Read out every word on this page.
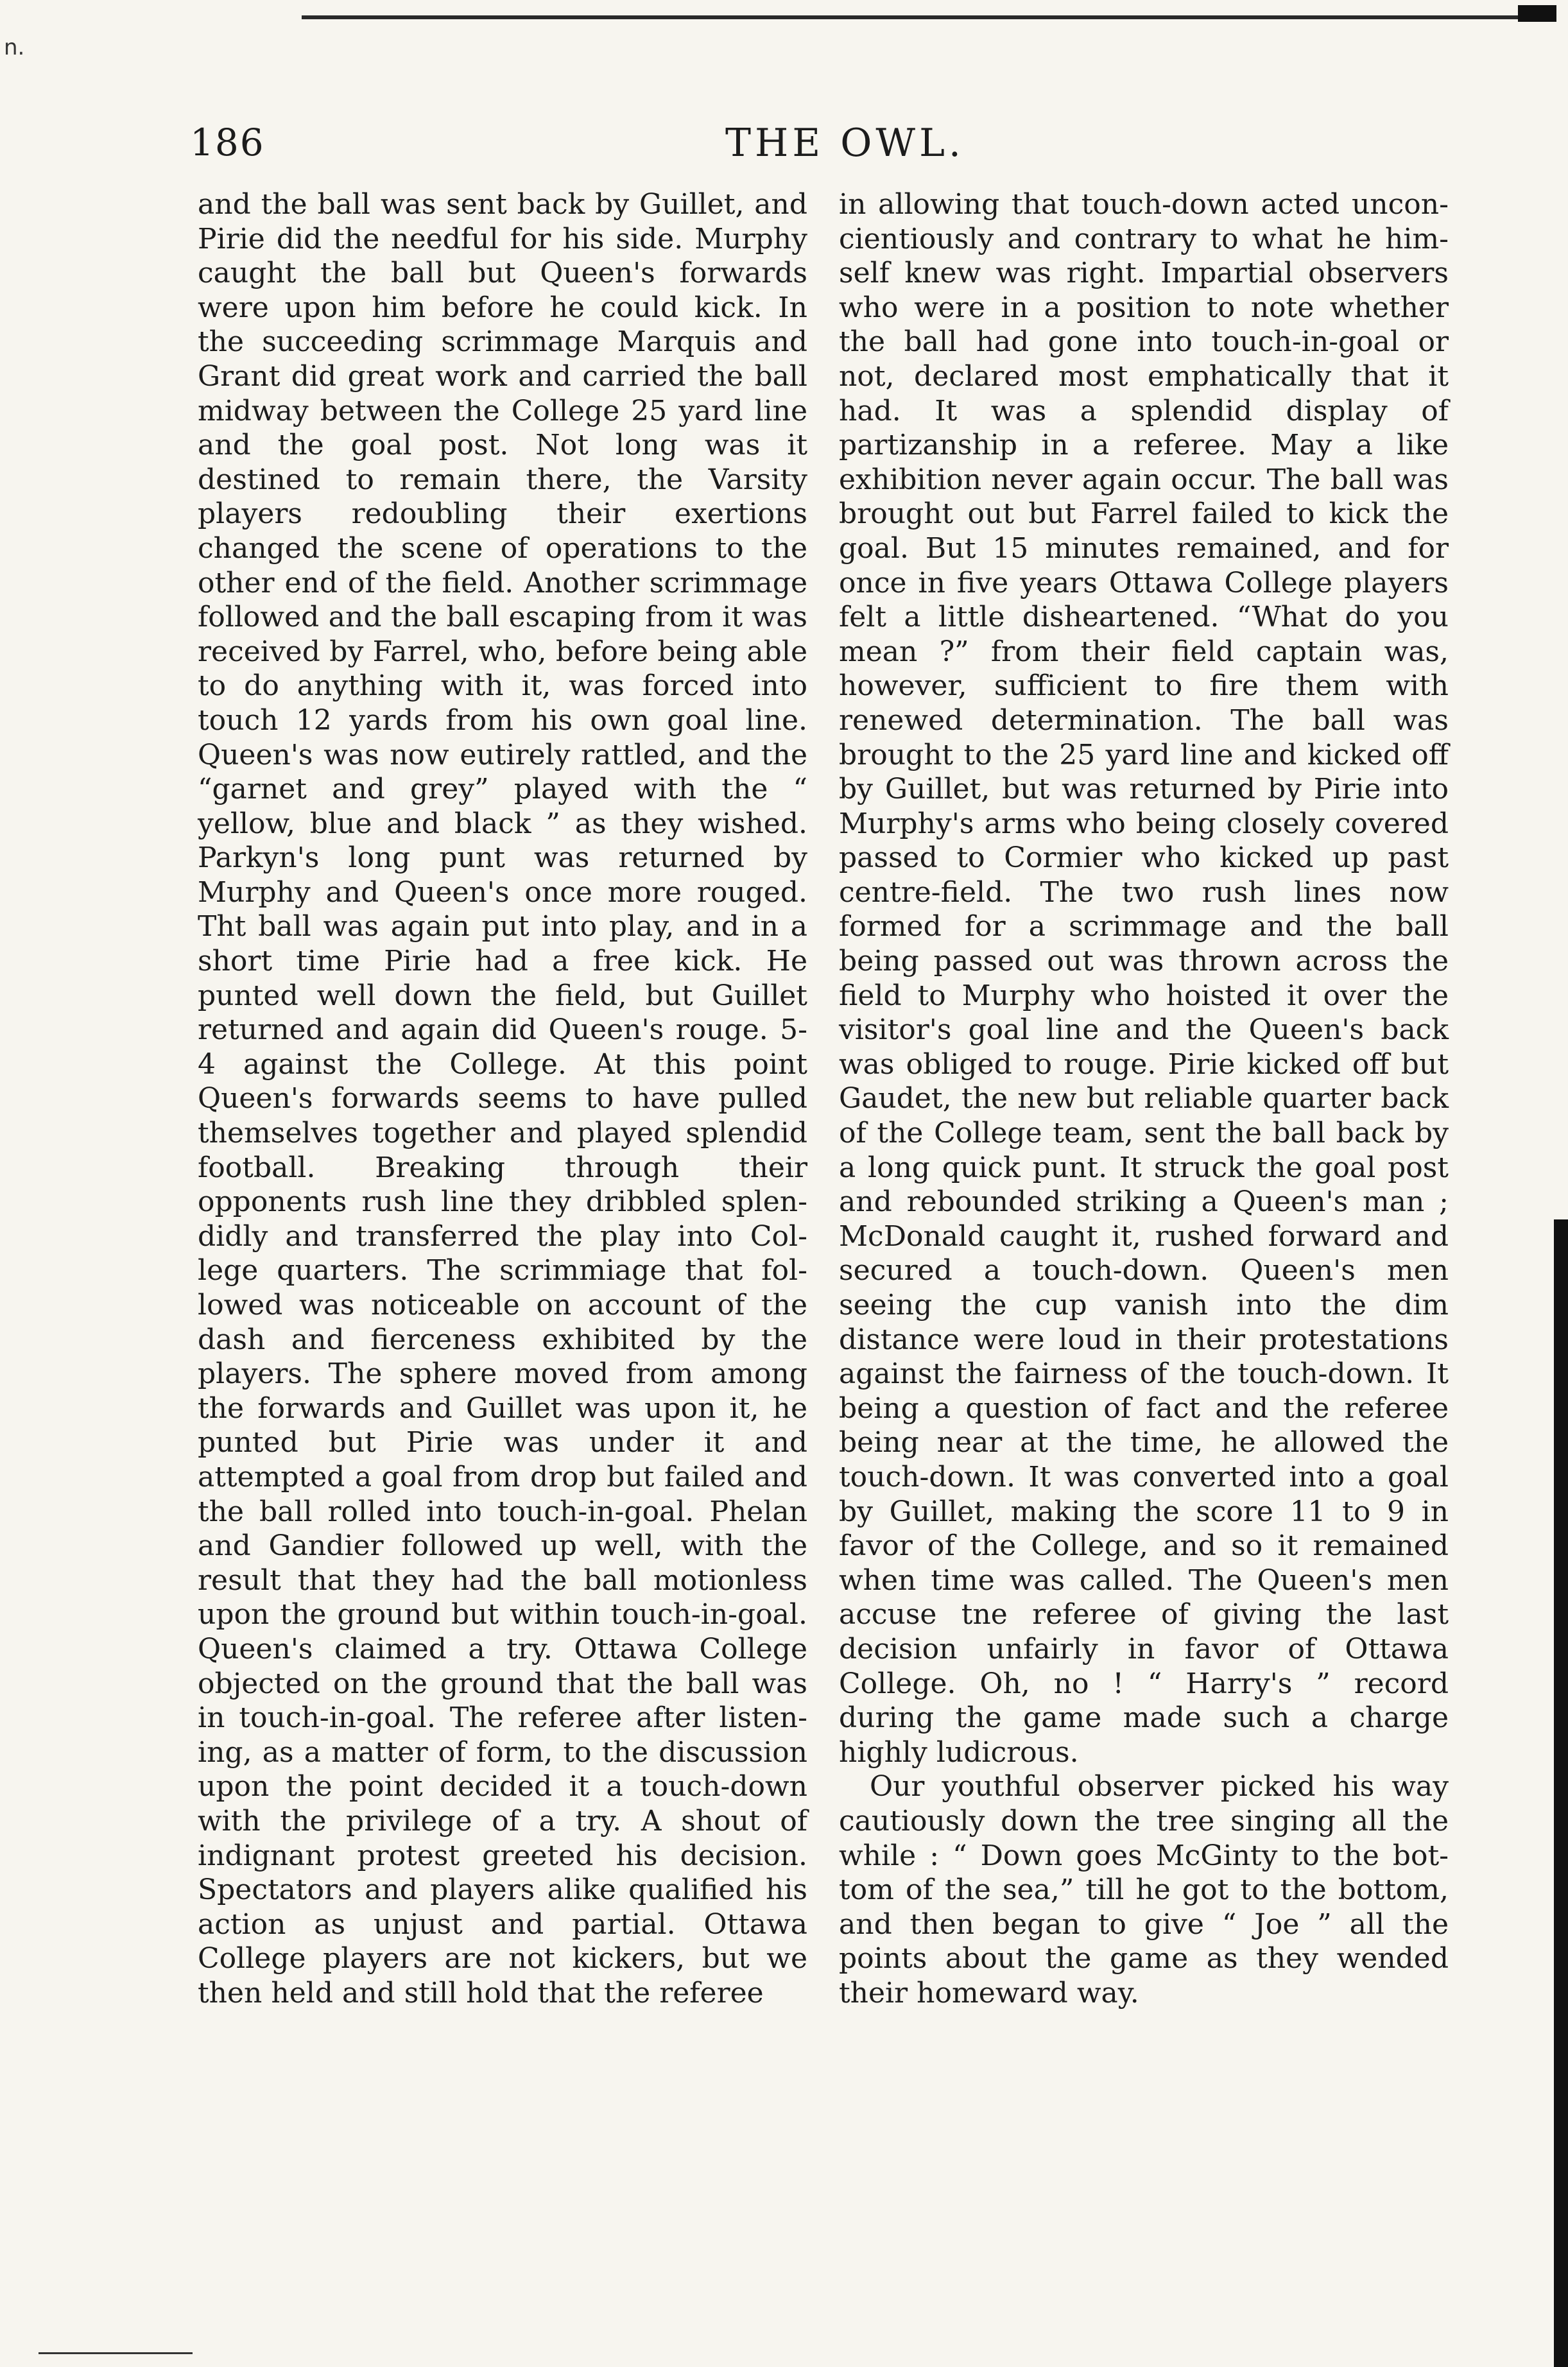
n.
186	THE OWL.

and the ball was sent back by Guillet, and Pirie did the needful for his side. Murphy caught the ball but Queen's forwards were upon him before he could kick. In the succeeding scrimmage Marquis and Grant did great work and carried the ball midway between the College 25 yard line and the goal post. Not long was it destined to remain there, the Varsity players redoubling their exertions changed the scene of operations to the other end of the field. Another scrimmage followed and the ball escaping from it was received by Farrel, who, before being able to do anything with it, was forced into touch 12 yards from his own goal line. Queen's was now eutirely rattled, and the “garnet and grey” played with the “ yellow, blue and black ” as they wished. Parkyn's long punt was returned by Murphy and Queen's once more rouged. Tht ball was again put into play, and in a short time Pirie had a free kick. He punted well down the field, but Guillet returned and again did Queen's rouge. 5-4 against the College. At this point Queen's forwards seems to have pulled themselves together and played splendid football. Breaking through their opponents rush line they dribbled splendidly and transferred the play into College quarters. The scrimmiage that followed was noticeable on account of the dash and fierceness exhibited by the players. The sphere moved from among the forwards and Guillet was upon it, he punted but Pirie was under it and attempted a goal from drop but failed and the ball rolled into touch-in-goal. Phelan and Gandier followed up well, with the result that they had the ball motionless upon the ground but within touch-in-goal. Queen's claimed a try. Ottawa College objected on the ground that the ball was in touch-in-goal. The referee after listening, as a matter of form, to the discussion upon the point decided it a touch-down with the privilege of a try. A shout of indignant protest greeted his decision. Spectators and players alike qualified his action as unjust and partial. Ottawa College players are not kickers, but we then held and still hold that the referee

in allowing that touch-down acted unconcientiously and contrary to what he himself knew was right. Impartial observers who were in a position to note whether the ball had gone into touch-in-goal or not, declared most emphatically that it had. It was a splendid display of partizanship in a referee. May a like exhibition never again occur. The ball was brought out but Farrel failed to kick the goal. But 15 minutes remained, and for once in five years Ottawa College players felt a little disheartened. “What do you mean ?” from their field captain was, however, sufficient to fire them with renewed determination. The ball was brought to the 25 yard line and kicked off by Guillet, but was returned by Pirie into Murphy's arms who being closely covered passed to Cormier who kicked up past centre-field. The two rush lines now formed for a scrimmage and the ball being passed out was thrown across the field to Murphy who hoisted it over the visitor's goal line and the Queen's back was obliged to rouge. Pirie kicked off but Gaudet, the new but reliable quarter back of the College team, sent the ball back by a long quick punt. It struck the goal post and rebounded striking a Queen's man ; McDonald caught it, rushed forward and secured a touch-down. Queen's men seeing the cup vanish into the dim distance were loud in their protestations against the fairness of the touch-down. It being a question of fact and the referee being near at the time, he allowed the touch-down. It was converted into a goal by Guillet, making the score 11 to 9 in favor of the College, and so it remained when time was called. The Queen's men accuse tne referee of giving the last decision unfairly in favor of Ottawa College. Oh, no ! “ Harry's ” record during the game made such a charge highly ludicrous.

Our youthful observer picked his way cautiously down the tree singing all the while : “ Down goes McGinty to the bottom of the sea,” till he got to the bottom, and then began to give “ Joe ” all the points about the game as they wended their homeward way.
